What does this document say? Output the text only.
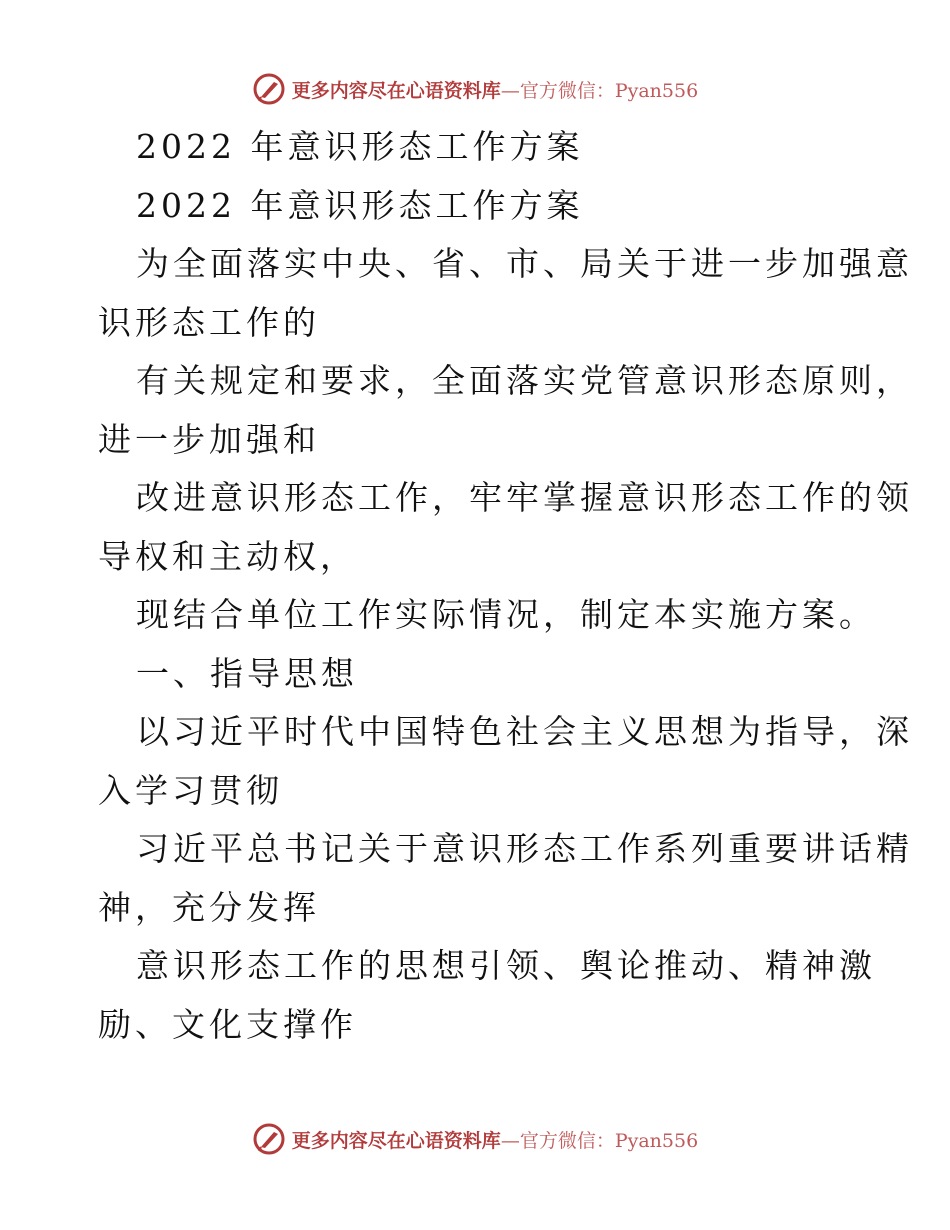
更多内容尽在心语资料库—官方微信：Pyan556
2022 年意识形态工作方案
2022 年意识形态工作方案
为全面落实中央、省、市、局关于进一步加强意
识形态工作的
有关规定和要求，全面落实党管意识形态原则，
进一步加强和
改进意识形态工作，牢牢掌握意识形态工作的领
导权和主动权，
现结合单位工作实际情况，制定本实施方案。
一、指导思想
以习近平时代中国特色社会主义思想为指导，深
入学习贯彻
习近平总书记关于意识形态工作系列重要讲话精
神，充分发挥
意识形态工作的思想引领、舆论推动、精神激
励、文化支撑作
更多内容尽在心语资料库—官方微信：Pyan556
